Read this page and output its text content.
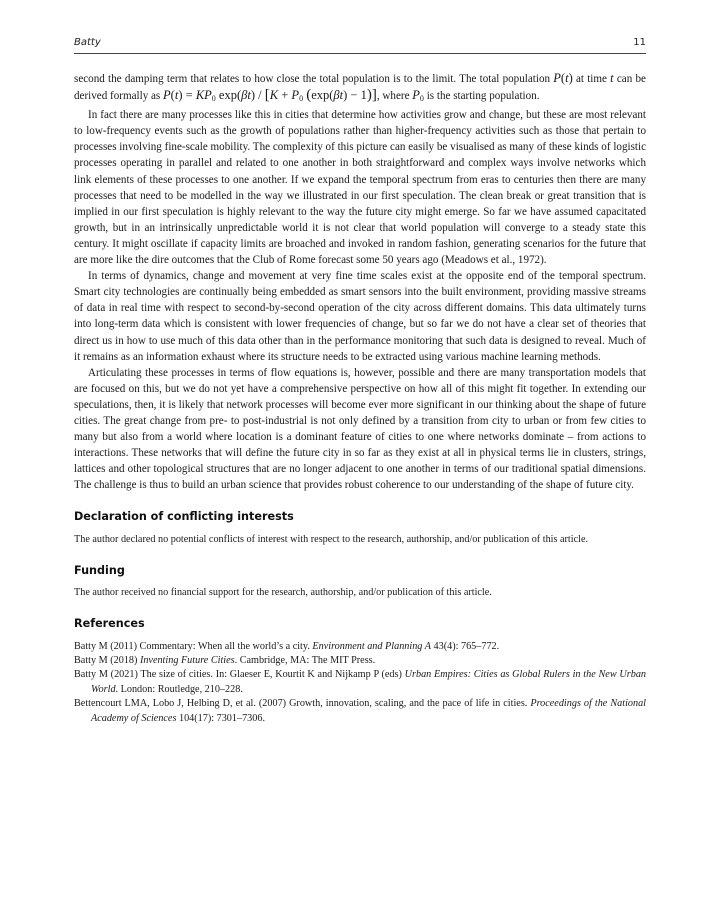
Batty	11

second the damping term that relates to how close the total population is to the limit. The total population P(t) at time t can be derived formally as $P(t) = KP_0$ $\exp(\beta t) / [K + P_0$ (exp(βt) − 1)], where $P_0$ is the starting population.

In fact there are many processes like this in cities that determine how activities grow and change, but these are most relevant to low-frequency events such as the growth of populations rather than higher-frequency activities such as those that pertain to processes involving fine-scale mobility. The complexity of this picture can easily be visualised as many of these kinds of logistic processes operating in parallel and related to one another in both straightforward and complex ways involve networks which link elements of these processes to one another. If we expand the temporal spectrum from eras to centuries then there are many processes that need to be modelled in the way we illustrated in our first speculation. The clean break or great transition that is implied in our first speculation is highly relevant to the way the future city might emerge. So far we have assumed capacitated growth, but in an intrinsically unpredictable world it is not clear that world population will converge to a steady state this century. It might oscillate if capacity limits are broached and invoked in random fashion, generating scenarios for the future that are more like the dire outcomes that the Club of Rome forecast some 50 years ago (Meadows et al., 1972).

In terms of dynamics, change and movement at very fine time scales exist at the opposite end of the temporal spectrum. Smart city technologies are continually being embedded as smart sensors into the built environment, providing massive streams of data in real time with respect to second-by-second operation of the city across different domains. This data ultimately turns into long-term data which is consistent with lower frequencies of change, but so far we do not have a clear set of theories that direct us in how to use much of this data other than in the performance monitoring that such data is designed to reveal. Much of it remains as an information exhaust where its structure needs to be extracted using various machine learning methods.

Articulating these processes in terms of flow equations is, however, possible and there are many transportation models that are focused on this, but we do not yet have a comprehensive perspective on how all of this might fit together. In extending our speculations, then, it is likely that network processes will become ever more significant in our thinking about the shape of future cities. The great change from pre- to post-industrial is not only defined by a transition from city to urban or from few cities to many but also from a world where location is a dominant feature of cities to one where networks dominate – from actions to interactions. These networks that will define the future city in so far as they exist at all in physical terms lie in clusters, strings, lattices and other topological structures that are no longer adjacent to one another in terms of our traditional spatial dimensions. The challenge is thus to build an urban science that provides robust coherence to our understanding of the shape of future city.

Declaration of conflicting interests
The author declared no potential conflicts of interest with respect to the research, authorship, and/or publication of this article.
Funding
The author received no financial support for the research, authorship, and/or publication of this article.
References
Batty M (2011) Commentary: When all the world’s a city. Environment and Planning A 43(4): 765–772.
Batty M (2018) Inventing Future Cities. Cambridge, MA: The MIT Press.
Batty M (2021) The size of cities. In: Glaeser E, Kourtit K and Nijkamp P (eds) Urban Empires: Cities as Global Rulers in the New Urban World. London: Routledge, 210–228.
Bettencourt LMA, Lobo J, Helbing D, et al. (2007) Growth, innovation, scaling, and the pace of life in cities. Proceedings of the National Academy of Sciences 104(17): 7301–7306.
